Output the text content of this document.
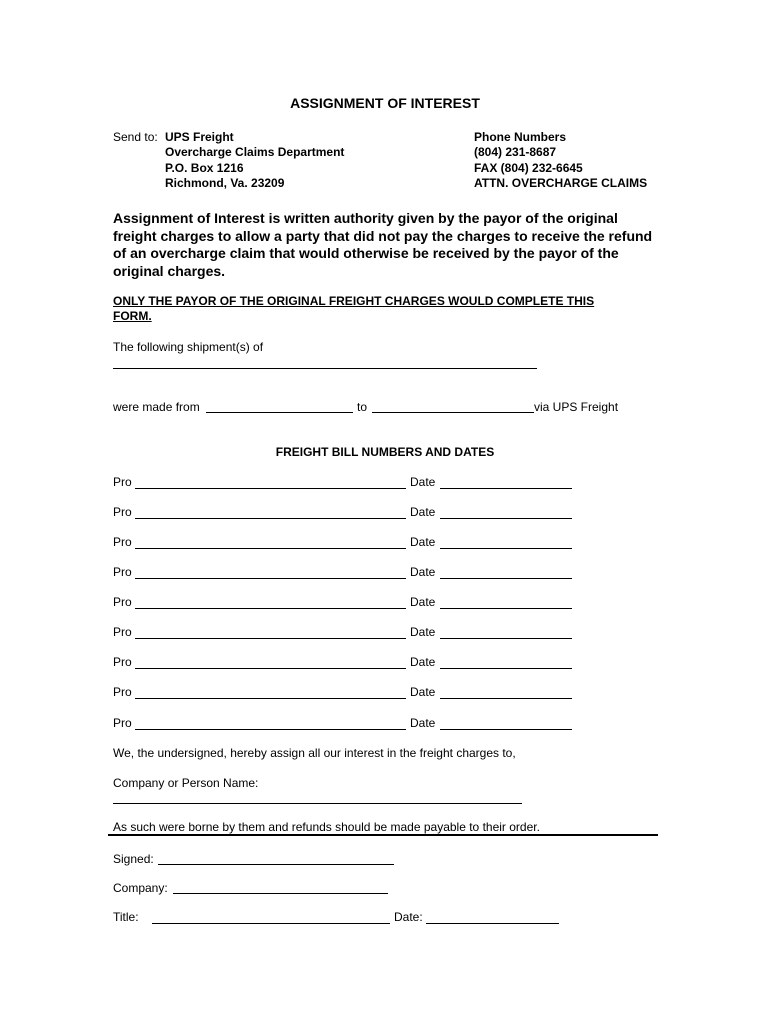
ASSIGNMENT OF INTEREST
Send to: UPS Freight
Overcharge Claims Department
P.O. Box 1216
Richmond, Va. 23209
Phone Numbers
(804) 231-8687
FAX (804) 232-6645
ATTN. OVERCHARGE CLAIMS
Assignment of Interest is written authority given by the payor of the original
freight charges to allow a party that did not pay the charges to receive the refund
of an overcharge claim that would otherwise be received by the payor of the
original charges.
ONLY THE PAYOR OF THE ORIGINAL FREIGHT CHARGES WOULD COMPLETE THIS
FORM.
The following shipment(s) of
were made from	to	via UPS Freight
FREIGHT BILL NUMBERS AND DATES
Pro	Date
Pro	Date
Pro	Date
Pro	Date
Pro	Date
Pro	Date
Pro	Date
Pro	Date
Pro	Date
We, the undersigned, hereby assign all our interest in the freight charges to,
Company or Person Name:
As such were borne by them and refunds should be made payable to their order.
Signed:
Company:
Title:	Date:
